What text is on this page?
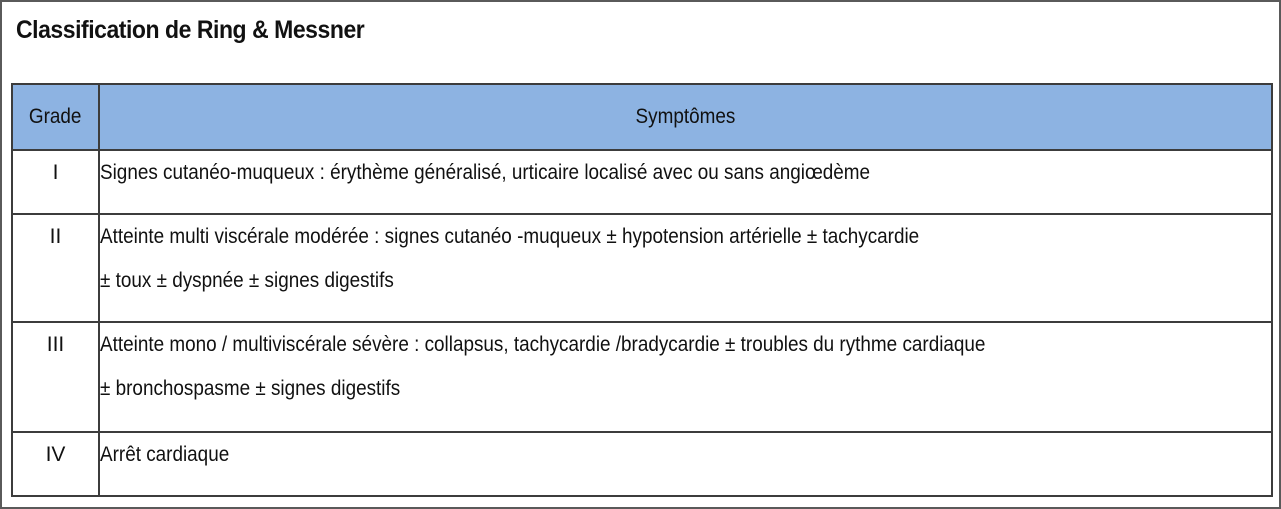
Classification de Ring & Messner
Grade	Symptômes
I	Signes cutanéo-muqueux : érythème généralisé, urticaire localisé avec ou sans angiœdème

II	Atteinte multi viscérale modérée : signes cutanéo -muqueux ± hypotension artérielle ± tachycardie
± toux ± dyspnée ± signes digestifs

III	Atteinte mono / multiviscérale sévère : collapsus, tachycardie /bradycardie ± troubles du rythme cardiaque
± bronchospasme ± signes digestifs

IV	Arrêt cardiaque
